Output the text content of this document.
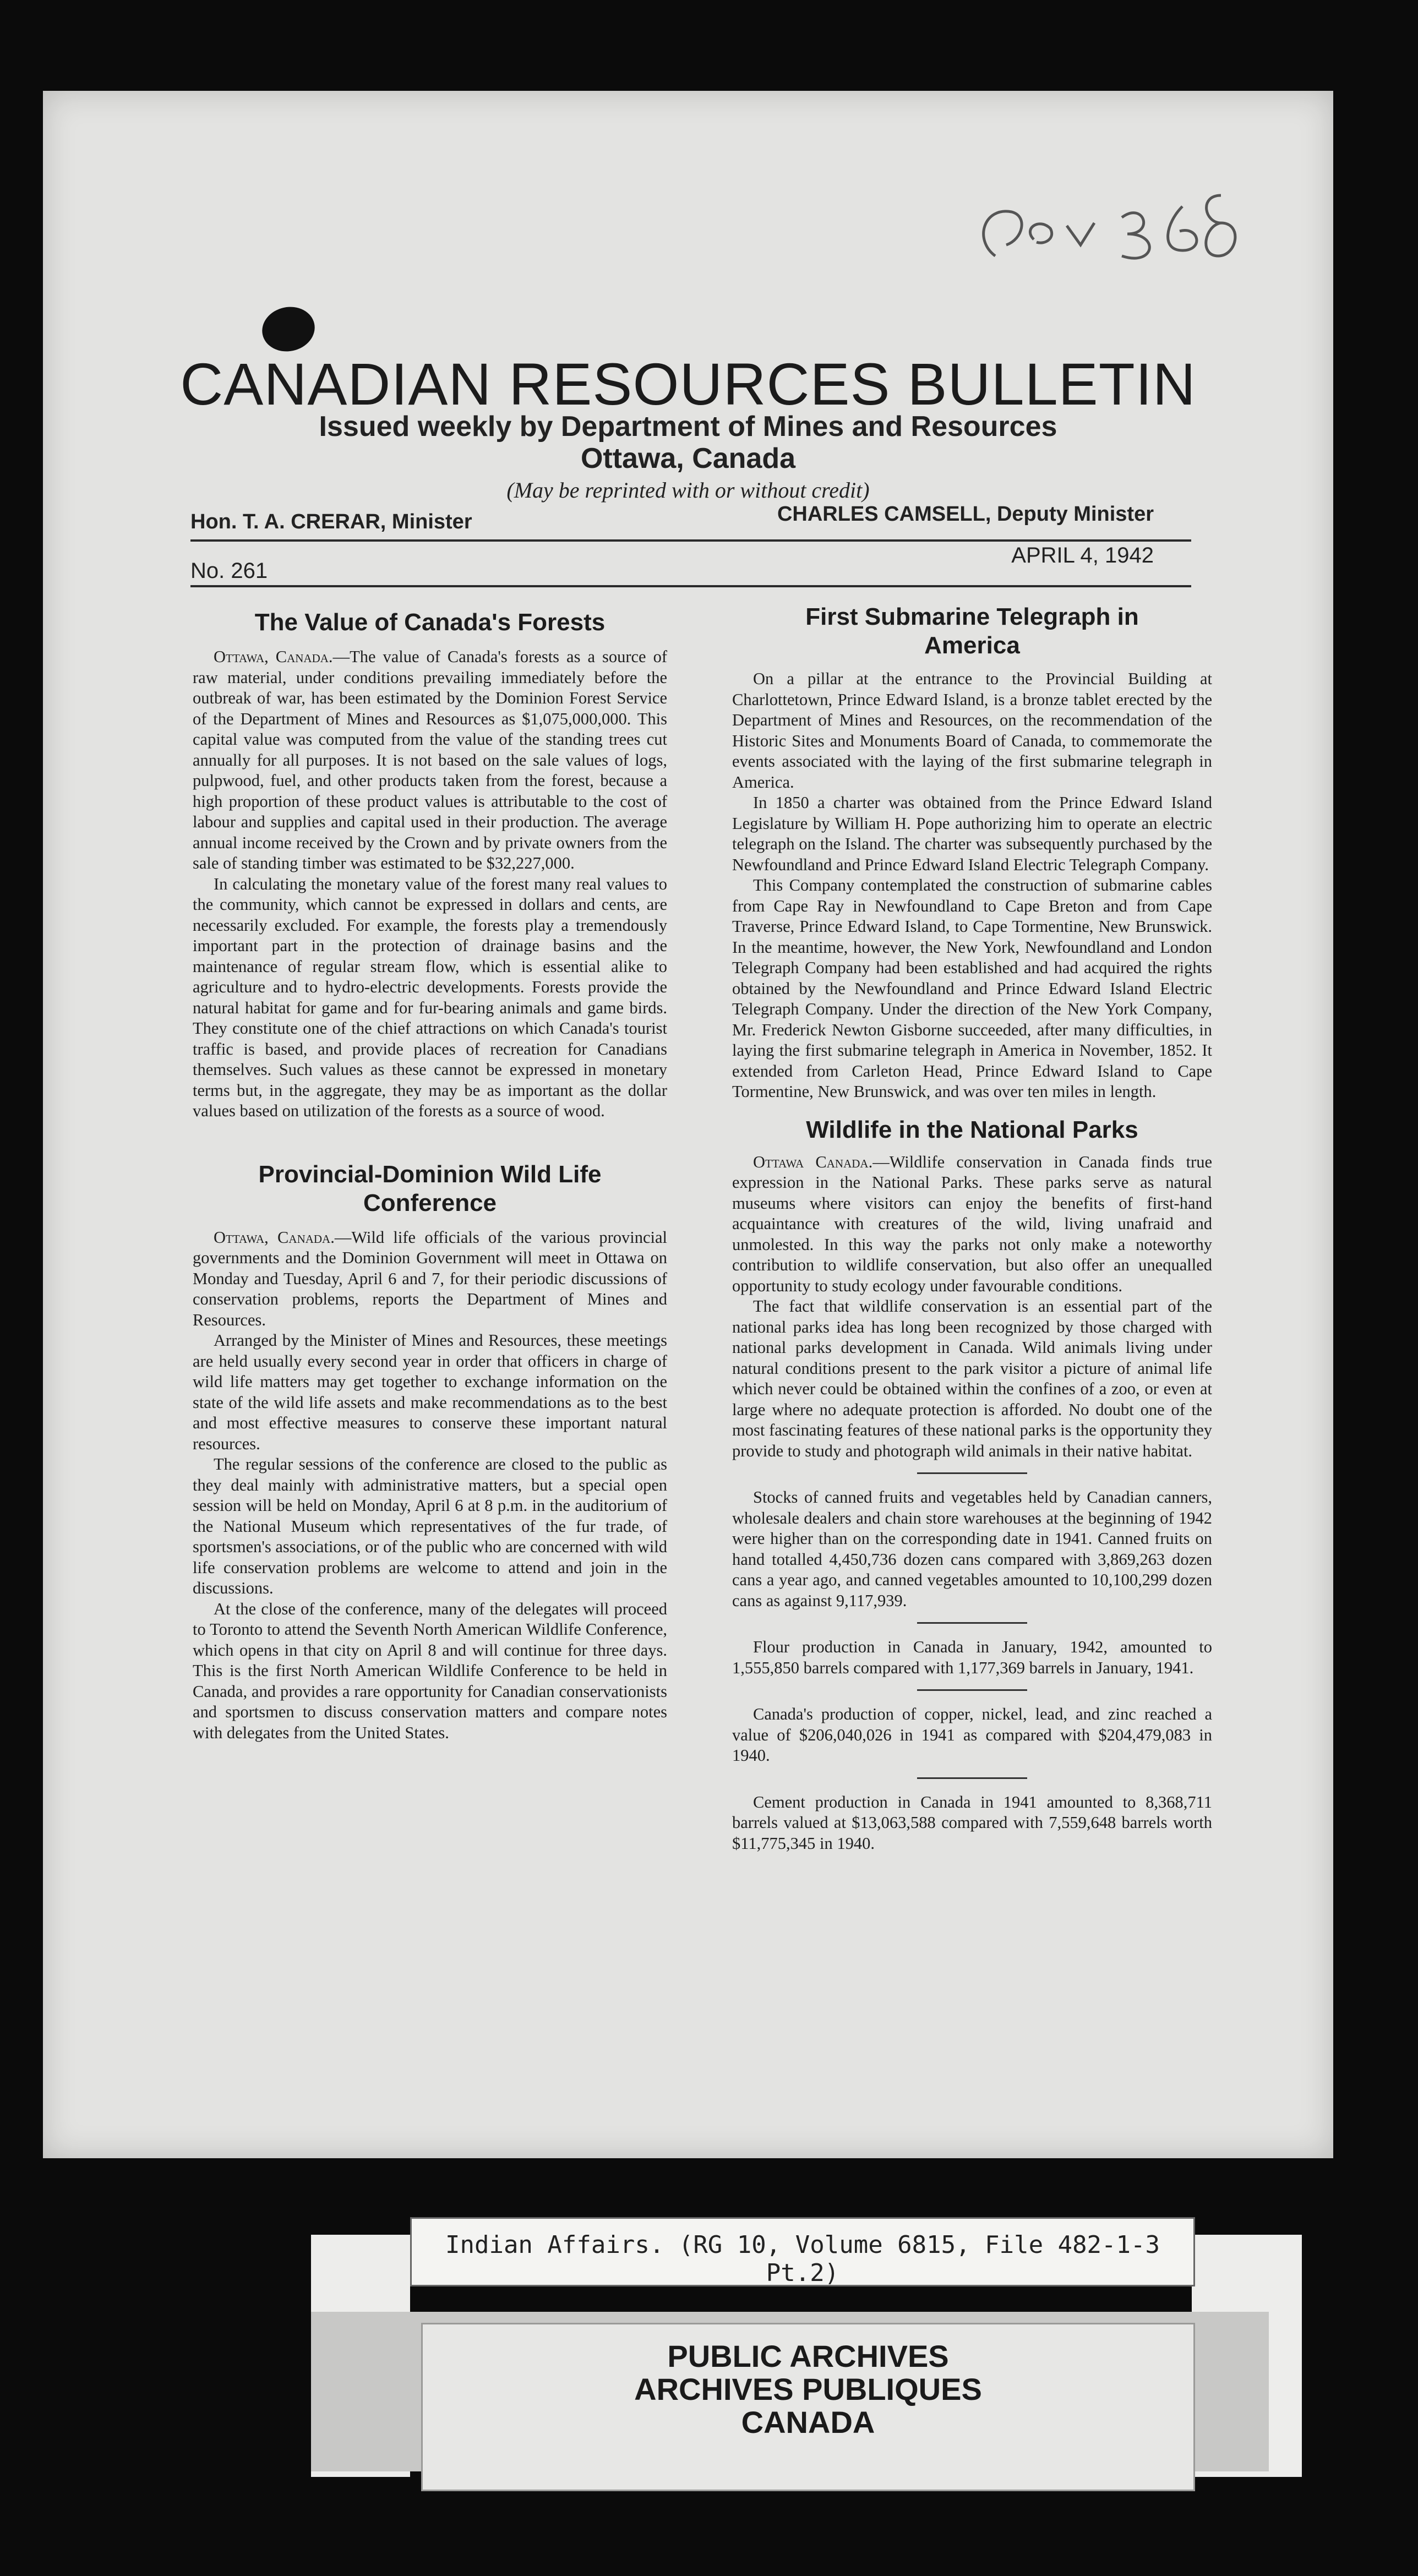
CANADIAN RESOURCES BULLETIN
Issued weekly by Department of Mines and Resources
Ottawa, Canada
(May be reprinted with or without credit)
Hon. T. A. CRERAR, Minister	CHARLES CAMSELL, Deputy Minister
No. 261
APRIL 4, 1942
The Value of Canada's Forests

Ottawa, Canada.—The value of Canada's forests as a source of raw material, under conditions prevailing immediately before the outbreak of war, has been estimated by the Dominion Forest Service of the Department of Mines and Resources as $1,075,000,000. This capital value was computed from the value of the standing trees cut annually for all purposes. It is not based on the sale values of logs, pulpwood, fuel, and other products taken from the forest, because a high proportion of these product values is attributable to the cost of labour and supplies and capital used in their production. The average annual income received by the Crown and by private owners from the sale of standing timber was estimated to be $32,227,000.

In calculating the monetary value of the forest many real values to the community, which cannot be expressed in dollars and cents, are necessarily excluded. For example, the forests play a tremendously important part in the protection of drainage basins and the maintenance of regular stream flow, which is essential alike to agriculture and to hydro-electric developments. Forests provide the natural habitat for game and for fur-bearing animals and game birds. They constitute one of the chief attractions on which Canada's tourist traffic is based, and provide places of recreation for Canadians themselves. Such values as these cannot be expressed in monetary terms but, in the aggregate, they may be as important as the dollar values based on utilization of the forests as a source of wood.

Provincial-Dominion Wild Life Conference

Ottawa, Canada.—Wild life officials of the various provincial governments and the Dominion Government will meet in Ottawa on Monday and Tuesday, April 6 and 7, for their periodic discussions of conservation problems, reports the Department of Mines and Resources.

Arranged by the Minister of Mines and Resources, these meetings are held usually every second year in order that officers in charge of wild life matters may get together to exchange information on the state of the wild life assets and make recommendations as to the best and most effective measures to conserve these important natural resources.

The regular sessions of the conference are closed to the public as they deal mainly with administrative matters, but a special open session will be held on Monday, April 6 at 8 p.m. in the auditorium of the National Museum which representatives of the fur trade, of sportsmen's associations, or of the public who are concerned with wild life conservation problems are welcome to attend and join in the discussions.

At the close of the conference, many of the delegates will proceed to Toronto to attend the Seventh North American Wildlife Conference, which opens in that city on April 8 and will continue for three days. This is the first North American Wildlife Conference to be held in Canada, and provides a rare opportunity for Canadian conservationists and sportsmen to discuss conservation matters and compare notes with delegates from the United States.

First Submarine Telegraph in America

On a pillar at the entrance to the Provincial Building at Charlottetown, Prince Edward Island, is a bronze tablet erected by the Department of Mines and Resources, on the recommendation of the Historic Sites and Monuments Board of Canada, to commemorate the events associated with the laying of the first submarine telegraph in America.

In 1850 a charter was obtained from the Prince Edward Island Legislature by William H. Pope authorizing him to operate an electric telegraph on the Island. The charter was subsequently purchased by the Newfoundland and Prince Edward Island Electric Telegraph Company.

This Company contemplated the construction of submarine cables from Cape Ray in Newfoundland to Cape Breton and from Cape Traverse, Prince Edward Island, to Cape Tormentine, New Brunswick. In the meantime, however, the New York, Newfoundland and London Telegraph Company had been established and had acquired the rights obtained by the Newfoundland and Prince Edward Island Electric Telegraph Company. Under the direction of the New York Company, Mr. Frederick Newton Gisborne succeeded, after many difficulties, in laying the first submarine telegraph in America in November, 1852. It extended from Carleton Head, Prince Edward Island to Cape Tormentine, New Brunswick, and was over ten miles in length.

Wildlife in the National Parks

Ottawa Canada.—Wildlife conservation in Canada finds true expression in the National Parks. These parks serve as natural museums where visitors can enjoy the benefits of first-hand acquaintance with creatures of the wild, living unafraid and unmolested. In this way the parks not only make a noteworthy contribution to wildlife conservation, but also offer an unequalled opportunity to study ecology under favourable conditions.

The fact that wildlife conservation is an essential part of the national parks idea has long been recognized by those charged with national parks development in Canada. Wild animals living under natural conditions present to the park visitor a picture of animal life which never could be obtained within the confines of a zoo, or even at large where no adequate protection is afforded. No doubt one of the most fascinating features of these national parks is the opportunity they provide to study and photograph wild animals in their native habitat.

Stocks of canned fruits and vegetables held by Canadian canners, wholesale dealers and chain store warehouses at the beginning of 1942 were higher than on the corresponding date in 1941. Canned fruits on hand totalled 4,450,736 dozen cans compared with 3,869,263 dozen cans a year ago, and canned vegetables amounted to 10,100,299 dozen cans as against 9,117,939.

Flour production in Canada in January, 1942, amounted to 1,555,850 barrels compared with 1,177,369 barrels in January, 1941.

Canada's production of copper, nickel, lead, and zinc reached a value of $206,040,026 in 1941 as compared with $204,479,083 in 1940.

Cement production in Canada in 1941 amounted to 8,368,711 barrels valued at $13,063,588 compared with 7,559,648 barrels worth $11,775,345 in 1940.

Indian Affairs. (RG 10, Volume 6815, File 482-1-3 Pt.2)
PUBLIC ARCHIVES
ARCHIVES PUBLIQUES
CANADA
